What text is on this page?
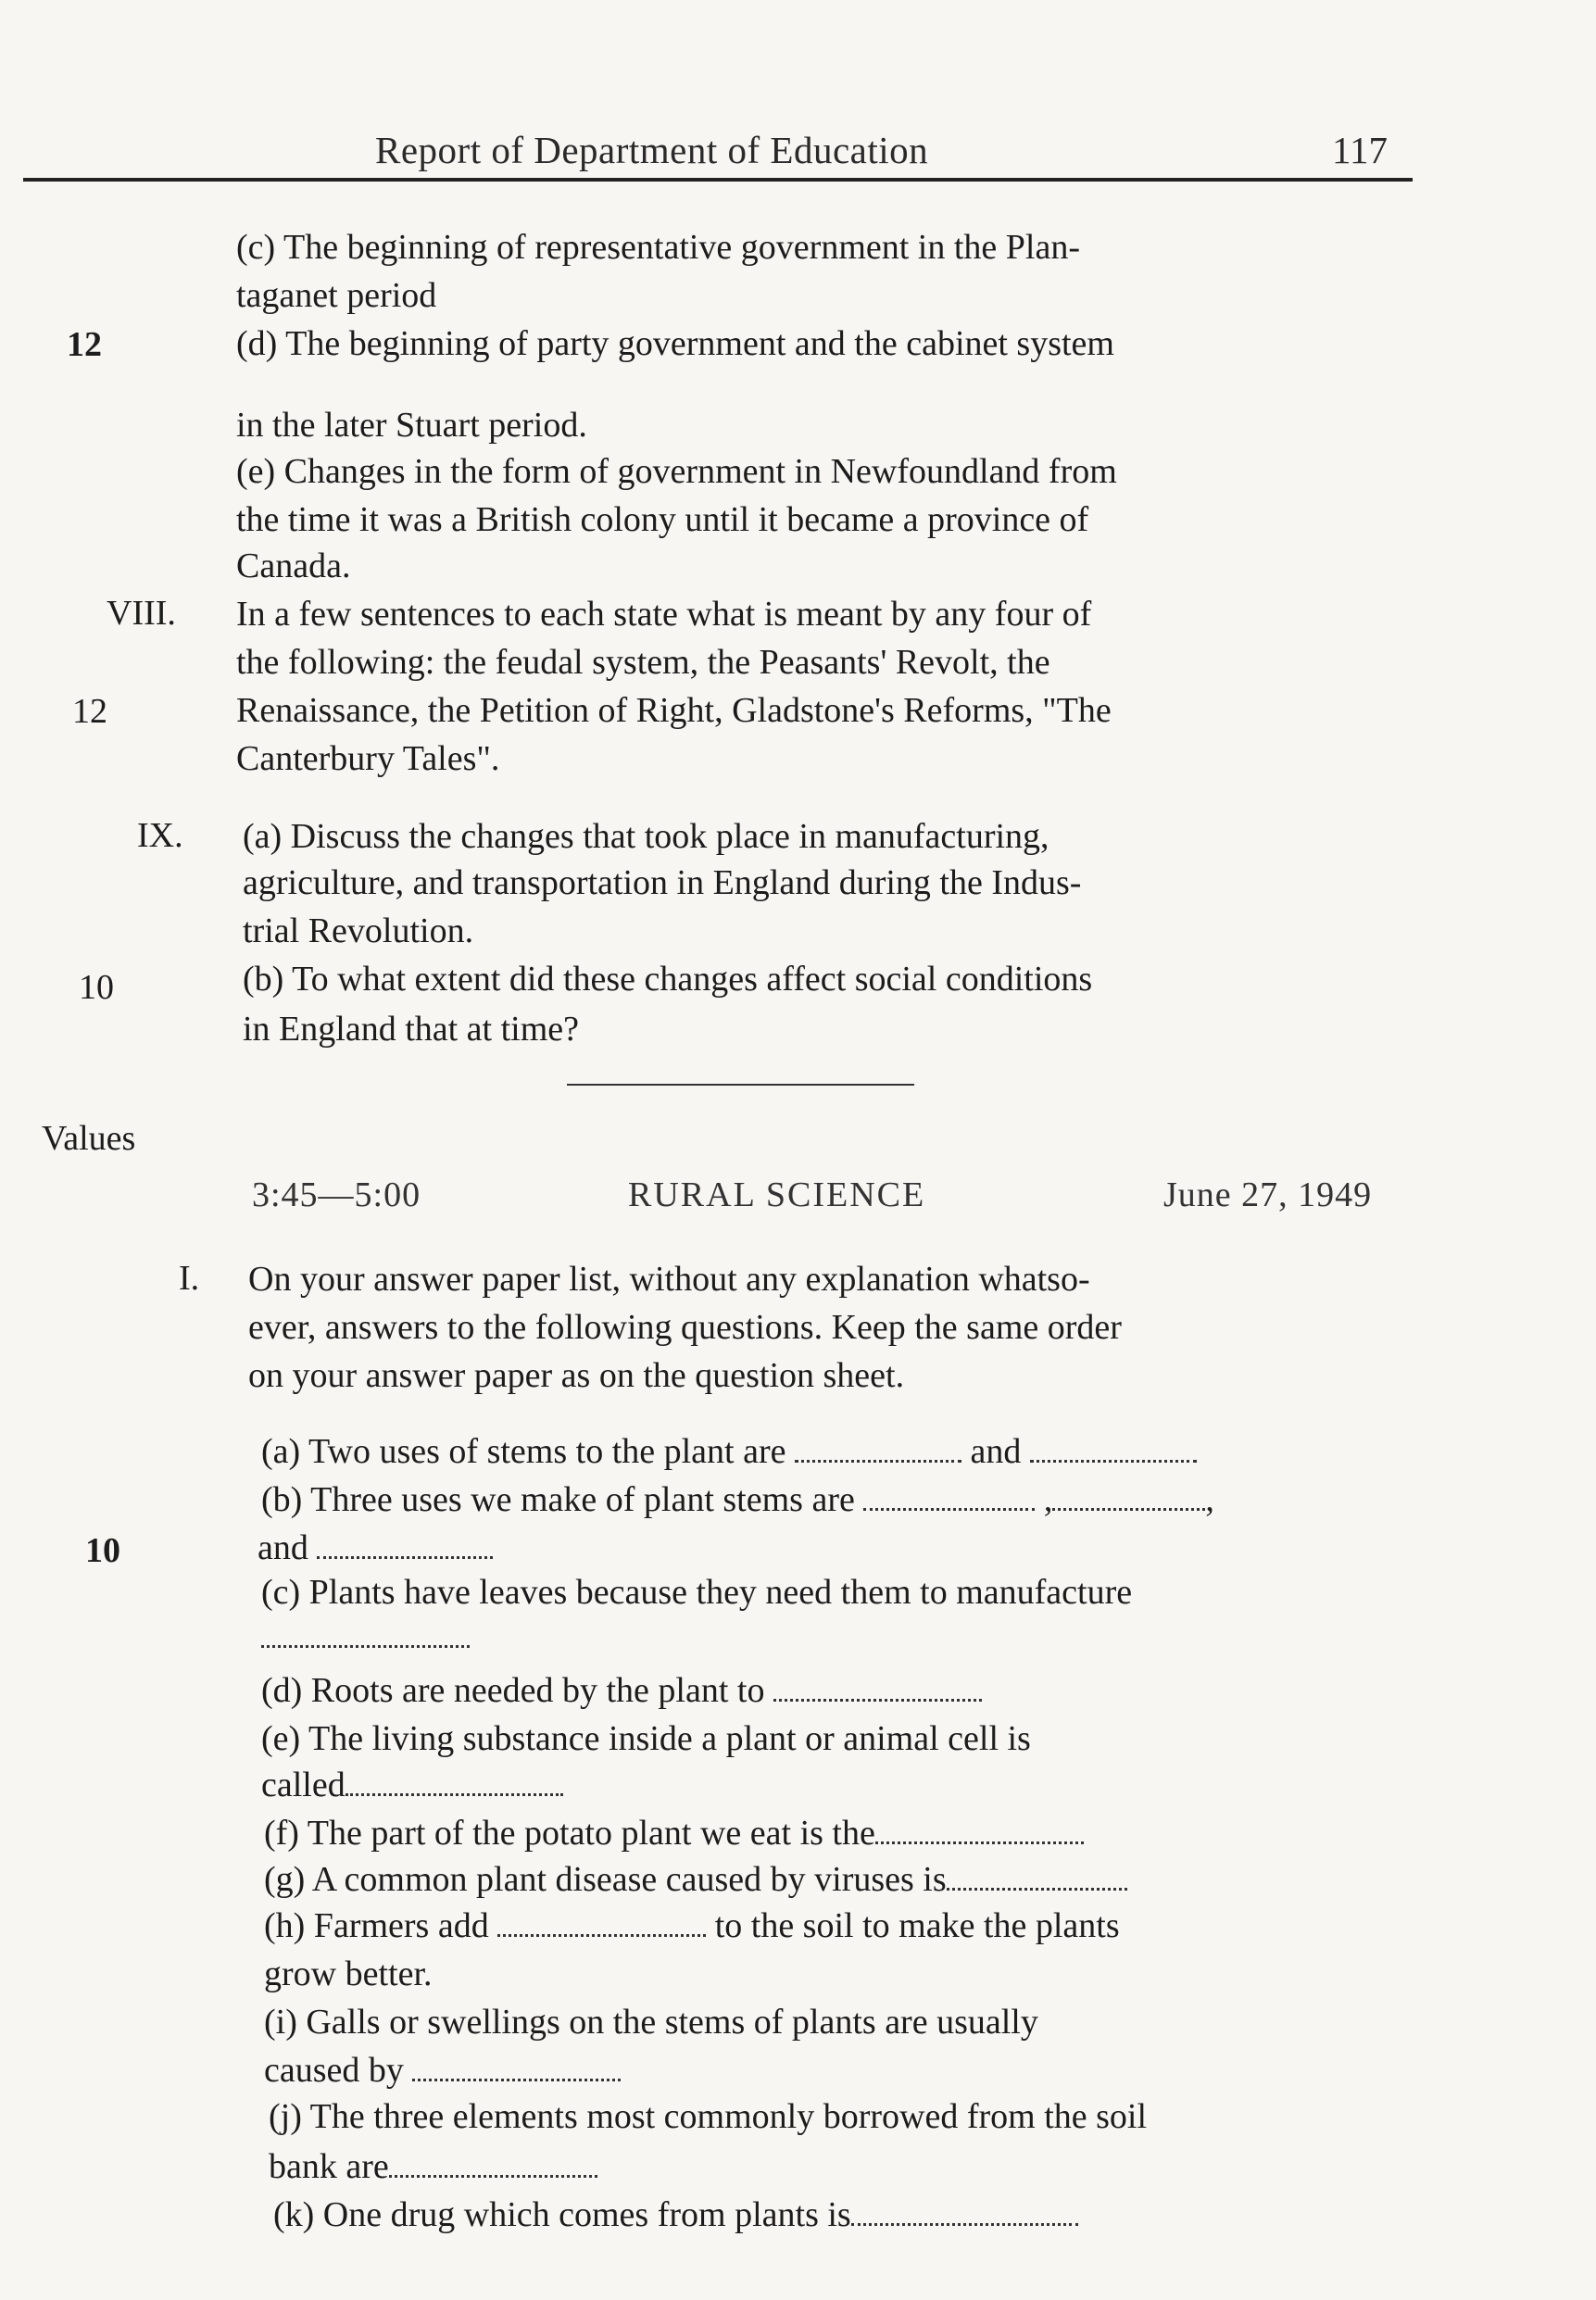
Report of Department of Education	117
(c) The beginning of representative government in the Plan-
taganet period
12	(d) The beginning of party government and the cabinet system
in the later Stuart period.
(e) Changes in the form of government in Newfoundland from
the time it was a British colony until it became a province of
Canada.
VIII. In a few sentences to each state what is meant by any four of
the following: the feudal system, the Peasants' Revolt, the
12	Renaissance, the Petition of Right, Gladstone's Reforms, "The
Canterbury Tales".
IX. (a) Discuss the changes that took place in manufacturing,
agriculture, and transportation in England during the Indus-
trial Revolution.
10	(b) To what extent did these changes affect social conditions
in England that at time?
Values
3:45—5:00	RURAL SCIENCE	June 27, 1949
I. On your answer paper list, without any explanation whatso-
ever, answers to the following questions. Keep the same order
on your answer paper as on the question sheet.
(a) Two uses of stems to the plant are	and
(b) Three uses we make of plant stems are	,	,
10	and
(c) Plants have leaves because they need them to manufacture
(d) Roots are needed by the plant to
(e) The living substance inside a plant or animal cell is
called
(f) The part of the potato plant we eat is the
(g) A common plant disease caused by viruses is
(h) Farmers add	to the soil to make the plants
grow better.
(i) Galls or swellings on the stems of plants are usually
caused by
(j) The three elements most commonly borrowed from the soil
bank are
(k) One drug which comes from plants is
